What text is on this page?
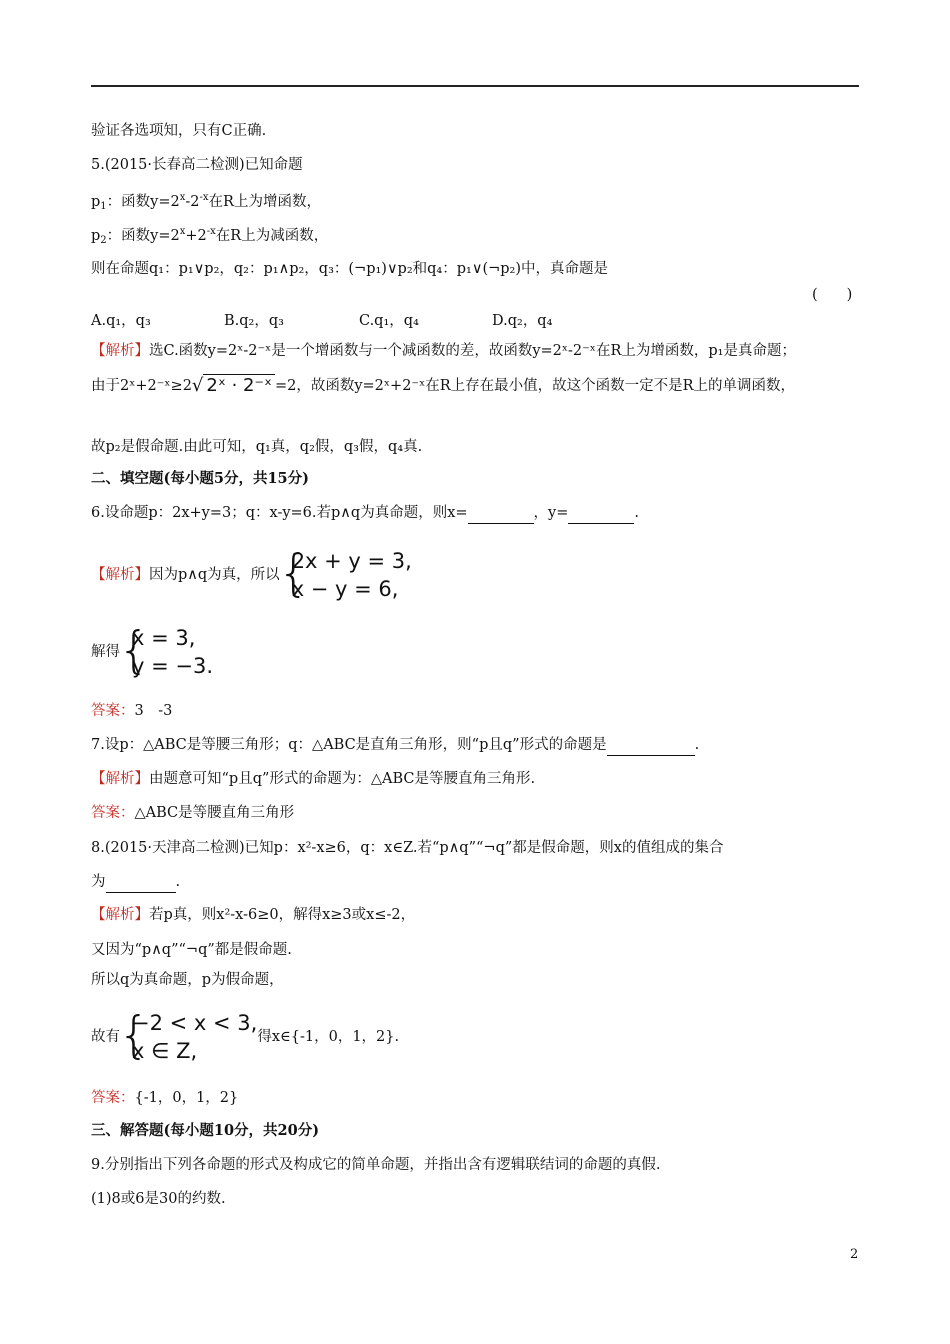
验证各选项知，只有C正确.
5.(2015·长春高二检测)已知命题
$p_1$：函数$y=2^x-2^{-x}$在R上为增函数，
$p_2$：函数$y=2^x+2^{-x}$在R上为减函数，
则在命题q₁：p₁∨p₂，q₂：p₁∧p₂，q₃：(¬p₁)∨p₂和q₄：p₁∨(¬p₂)中，真命题是
(　　)
A.q₁，q₃	B.q₂，q₃	C.q₁，q₄	D.q₂，q₄
【解析】选C.函数y=2ˣ-2⁻ˣ是一个增函数与一个减函数的差，故函数y=2ˣ-2⁻ˣ在R上为增函数，p₁是真命题；
由于2ˣ+2⁻ˣ≥2√ 2ˣ · 2⁻ˣ =2，故函数y=2ˣ+2⁻ˣ在R上存在最小值，故这个函数一定不是R上的单调函数，
故p₂是假命题.由此可知，q₁真，q₂假，q₃假，q₄真.
二、填空题(每小题5分，共15分)
6.设命题p：2x+y=3；q：x-y=6.若p∧q为真命题，则x=	，y=	.
【解析】因为p∧q为真，所以
{
2x + y = 3,
x − y = 6,
解得
{
x = 3,
y = −3.
答案：3　-3
7.设p：△ABC是等腰三角形；q：△ABC是直角三角形，则“p且q”形式的命题是	.
【解析】由题意可知“p且q”形式的命题为：△ABC是等腰直角三角形.
答案：△ABC是等腰直角三角形
8.(2015·天津高二检测)已知p：x²-x≥6，q：x∈Z.若“p∧q”“¬q”都是假命题，则x的值组成的集合
为	.
【解析】若p真，则x²-x-6≥0，解得x≥3或x≤-2，
又因为“p∧q”“¬q”都是假命题.
所以q为真命题，p为假命题，
故有
{
−2 < x < 3,
x ∈ Z,
得x∈{-1，0，1，2}.
答案：{-1，0，1，2}
三、解答题(每小题10分，共20分)
9.分别指出下列各命题的形式及构成它的简单命题，并指出含有逻辑联结词的命题的真假.
(1)8或6是30的约数.
2
